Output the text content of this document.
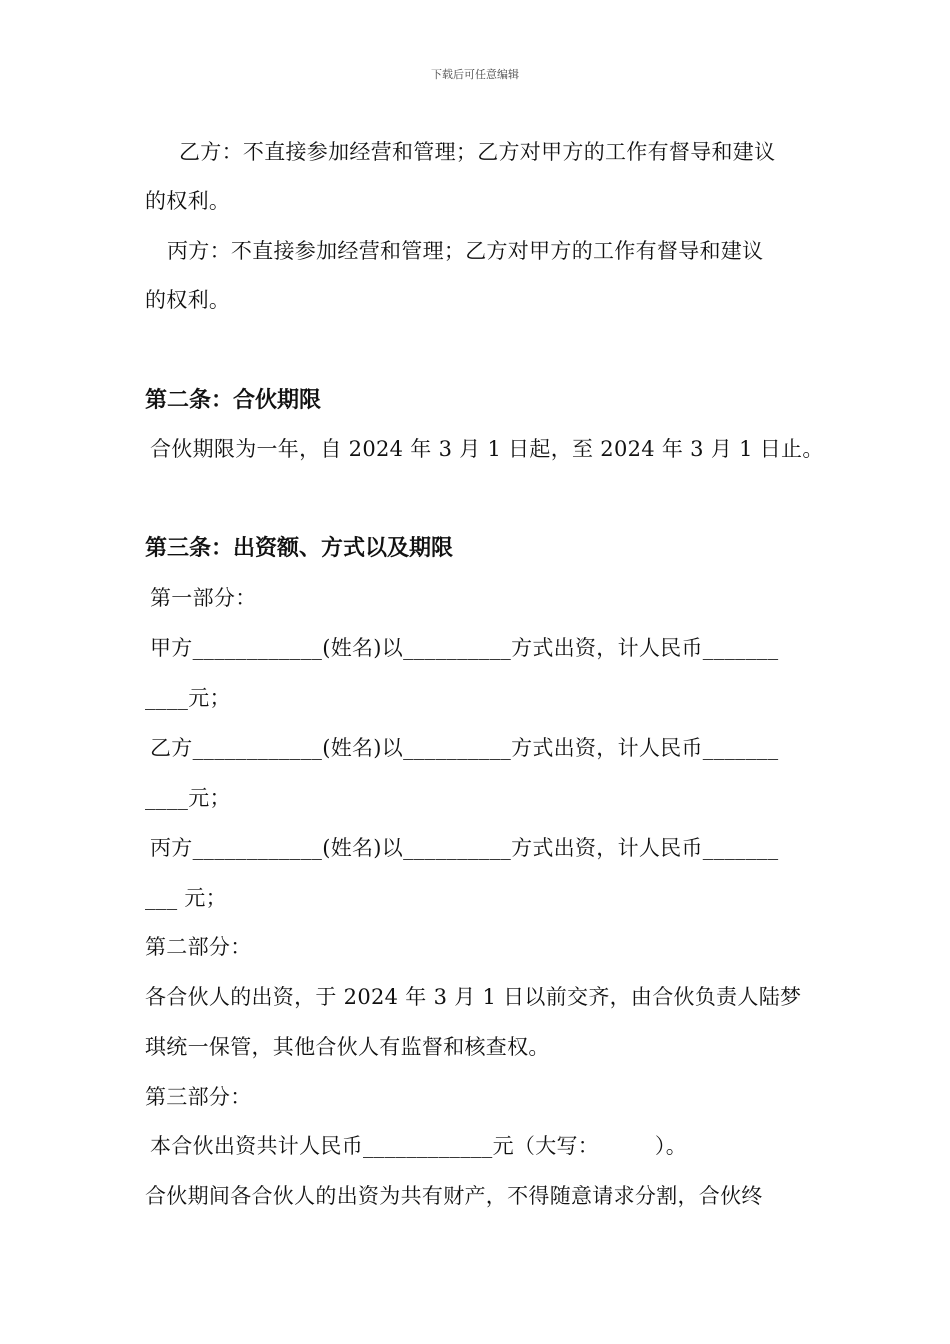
下载后可任意编辑
乙方：不直接参加经营和管理；乙方对甲方的工作有督导和建议
的权利。
丙方：不直接参加经营和管理；乙方对甲方的工作有督导和建议
的权利。
第二条：合伙期限
合伙期限为一年，自 2024 年 3 月 1 日起，至 2024 年 3 月 1 日止。
第三条：出资额、方式以及期限
第一部分：
甲方____________(姓名)以__________方式出资，计人民币_______
____元；
乙方____________(姓名)以__________方式出资，计人民币_______
____元；
丙方____________(姓名)以__________方式出资，计人民币_______
___ 元；
第二部分：
各合伙人的出资，于 2024 年 3 月 1 日以前交齐，由合伙负责人陆梦
琪统一保管，其他合伙人有监督和核查权。
第三部分：
本合伙出资共计人民币____________元（大写：        ）。
合伙期间各合伙人的出资为共有财产，不得随意请求分割，合伙终
